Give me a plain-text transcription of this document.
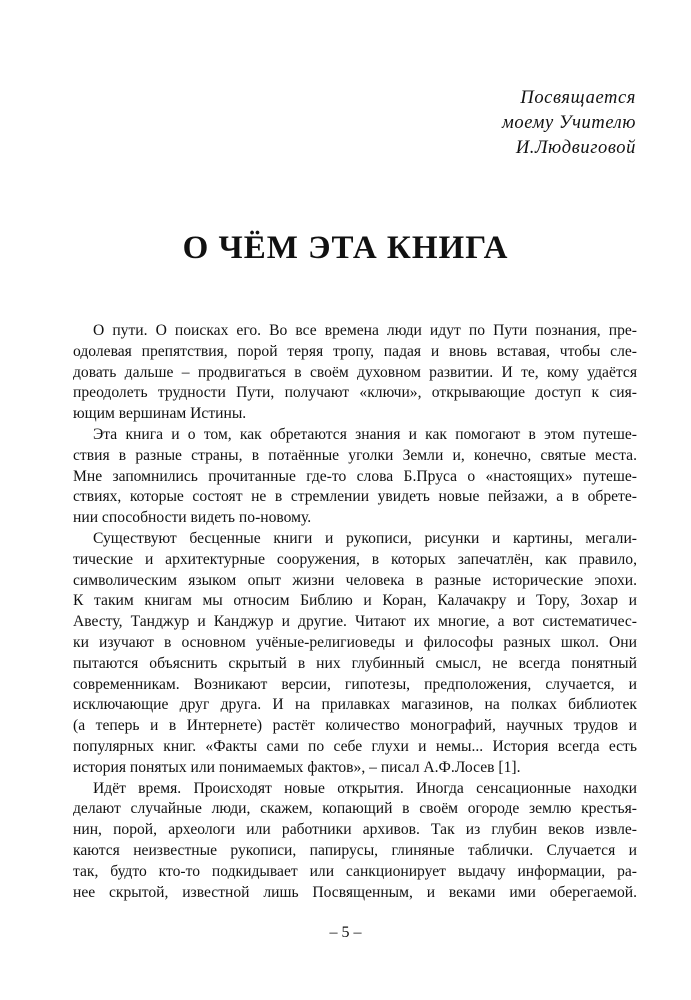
Посвящается
моему Учителю
И.Людвиговой
О ЧЁМ ЭТА КНИГА
О пути. О поисках его. Во все времена люди идут по Пути познания, пре-
одолевая препятствия, порой теряя тропу, падая и вновь вставая, чтобы сле-
довать дальше – продвигаться в своём духовном развитии. И те, кому удаётся
преодолеть трудности Пути, получают «ключи», открывающие доступ к сия-
ющим вершинам Истины.
Эта книга и о том, как обретаются знания и как помогают в этом путеше-
ствия в разные страны, в потаённые уголки Земли и, конечно, святые места.
Мне запомнились прочитанные где-то слова Б.Пруса о «настоящих» путеше-
ствиях, которые состоят не в стремлении увидеть новые пейзажи, а в обрете-
нии способности видеть по-новому.
Существуют бесценные книги и рукописи, рисунки и картины, мегали-
тические и архитектурные сооружения, в которых запечатлён, как правило,
символическим языком опыт жизни человека в разные исторические эпохи.
К таким книгам мы относим Библию и Коран, Калачакру и Тору, Зохар и
Авесту, Танджур и Канджур и другие. Читают их многие, а вот систематичес-
ки изучают в основном учёные-религиоведы и философы разных школ. Они
пытаются объяснить скрытый в них глубинный смысл, не всегда понятный
современникам. Возникают версии, гипотезы, предположения, случается, и
исключающие друг друга. И на прилавках магазинов, на полках библиотек
(а теперь и в Интернете) растёт количество монографий, научных трудов и
популярных книг. «Факты сами по себе глухи и немы... История всегда есть
история понятых или понимаемых фактов», – писал А.Ф.Лосев [1].
Идёт время. Происходят новые открытия. Иногда сенсационные находки
делают случайные люди, скажем, копающий в своём огороде землю крестья-
нин, порой, археологи или работники архивов. Так из глубин веков извле-
каются неизвестные рукописи, папирусы, глиняные таблички. Случается и
так, будто кто-то подкидывает или санкционирует выдачу информации, ра-
нее скрытой, известной лишь Посвященным, и веками ими оберегаемой.
– 5 –
